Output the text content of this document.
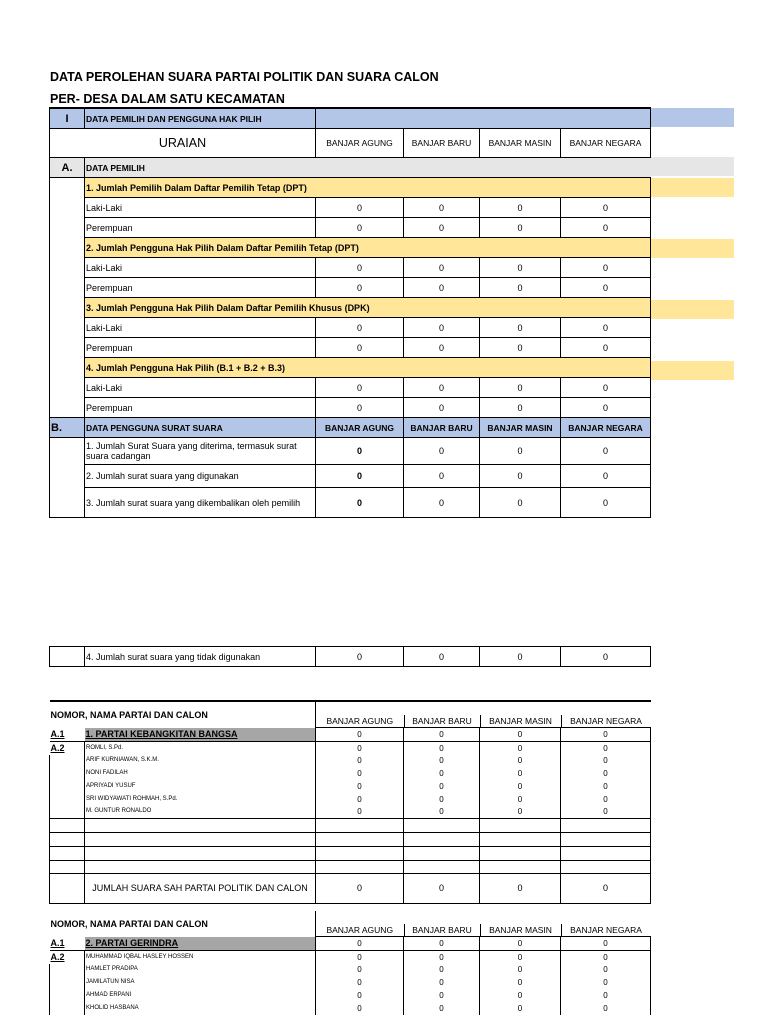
DATA PEROLEHAN SUARA PARTAI POLITIK DAN SUARA CALON
PER- DESA DALAM SATU KECAMATAN
I	DATA PEMILIH DAN PENGGUNA HAK PILIH				
URAIAN		BANJAR AGUNG	BANJAR BARU	BANJAR MASIN	BANJAR NEGARA
A.	DATA PEMILIH				
	1. Jumlah Pemilih Dalam Daftar Pemilih Tetap (DPT)				
	Laki-Laki	0	0	0	0
	Perempuan	0	0	0	0
	2. Jumlah Pengguna Hak Pilih Dalam Daftar Pemilih Tetap (DPT)				
	Laki-Laki	0	0	0	0
	Perempuan	0	0	0	0
	3. Jumlah Pengguna Hak Pilih Dalam Daftar Pemilih Khusus (DPK)				
	Laki-Laki	0	0	0	0
	Perempuan	0	0	0	0
	4. Jumlah Pengguna Hak Pilih (B.1 + B.2 + B.3)				
	Laki-Laki	0	0	0	0
	Perempuan	0	0	0	0
B.	DATA PENGGUNA SURAT SUARA	BANJAR AGUNG	BANJAR BARU	BANJAR MASIN	BANJAR NEGARA
	1. Jumlah Surat Suara yang diterima, termasuk surat suara cadangan	0	0	0	0
	2. Jumlah surat suara yang digunakan	0	0	0	0
	3. Jumlah surat suara yang dikembalikan oleh pemilih	0	0	0	0
	4. Jumlah surat suara yang tidak digunakan	0	0	0	0
NOMOR, NAMA PARTAI DAN CALON	
BANJAR AGUNG	BANJAR BARU	BANJAR MASIN	BANJAR NEGARA

A.1	1. PARTAI KEBANGKITAN BANGSA	0	0	0	0
A.2	ROMLI, S.Pd.	0	0	0	0
	ARIF KURNIAWAN, S.K.M.	0	0	0	0
	NONI FADILAH	0	0	0	0
	APRIYADI YUSUF	0	0	0	0
	SRI WIDYAWATI ROHMAH, S.Pd.	0	0	0	0
	M. GUNTUR RONALDO	0	0	0	0

	JUMLAH SUARA SAH PARTAI POLITIK DAN CALON	0	0	0	0
NOMOR, NAMA PARTAI DAN CALON	
BANJAR AGUNG	BANJAR BARU	BANJAR MASIN	BANJAR NEGARA

A.1	2. PARTAI GERINDRA	0	0	0	0
A.2	MUHAMMAD IQBAL HASLEY HOSSEN	0	0	0	0
	HAMLET PRADIPA	0	0	0	0
	JAMILATUN NISA	0	0	0	0
	AHMAD ERPANI	0	0	0	0
	KHOLID HASBANA	0	0	0	0
